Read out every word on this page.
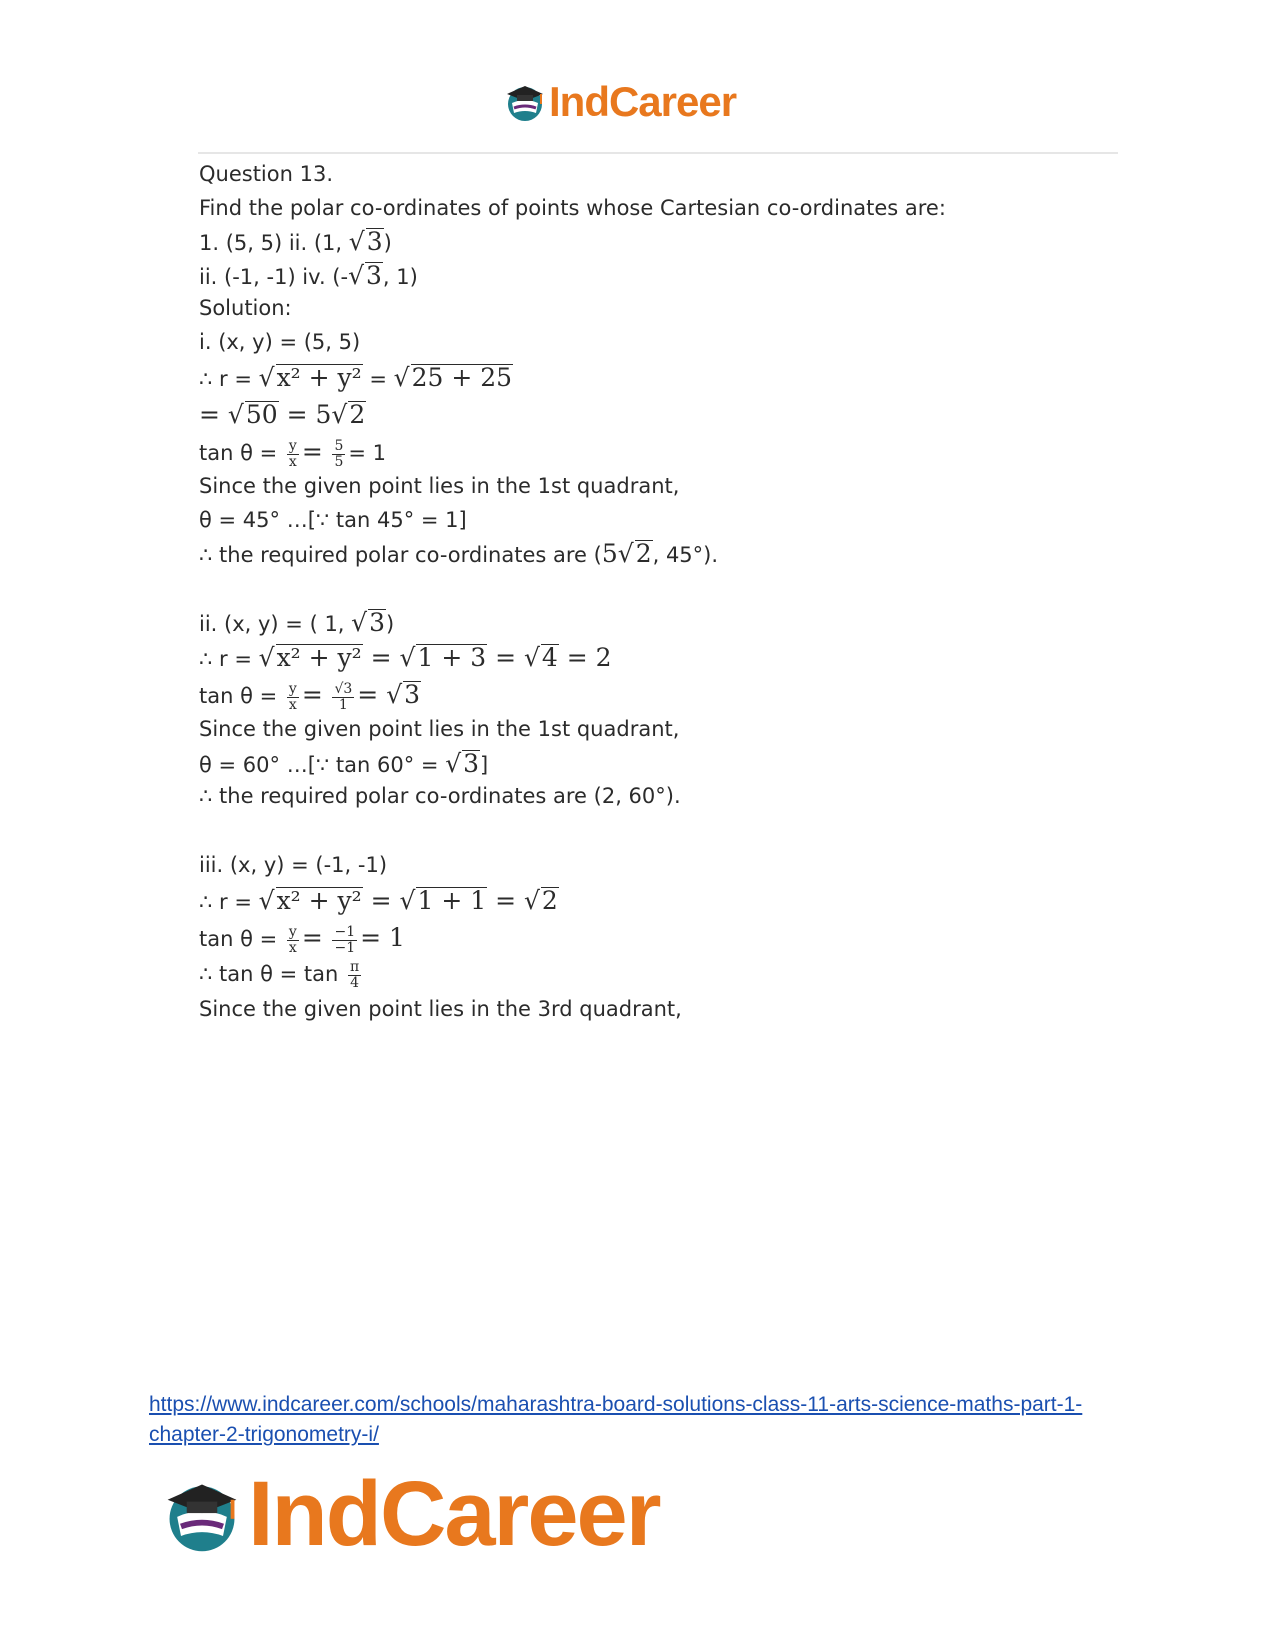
IndCareer
Question 13.
Find the polar co-ordinates of points whose Cartesian co-ordinates are:
1. (5, 5) ii. (1, √3)
ii. (-1, -1) iv. (-√3, 1)
Solution:
i. (x, y) = (5, 5)
∴ r = √x² + y² = √25 + 25
= √50 = 5√2
$\tan \theta = \frac{y}{x} = \frac{5}{5} = 1$
Since the given point lies in the 1st quadrant,
θ = 45° …[∵ tan 45° = 1]
∴ the required polar co-ordinates are (5√2, 45°).
ii. (x, y) = ( 1, √3)
∴ r = √x² + y² = √1 + 3 = √4 = 2
$\tan \theta = \frac{y}{x} = \frac{√3}{1} = √3$
Since the given point lies in the 1st quadrant,
θ = 60° …[∵ tan 60° = √3]
∴ the required polar co-ordinates are (2, 60°).
iii. (x, y) = (-1, -1)
∴ r = √x² + y² = √1 + 1 = √2
$\tan \theta = \frac{y}{x} = \frac{-1}{-1} = 1$
∴ $\tan \theta = \tan \frac{\pi}{4}$
Since the given point lies in the 3rd quadrant,
https://www.indcareer.com/schools/maharashtra-board-solutions-class-11-arts-science-maths-part-1-chapter-2-trigonometry-i/
IndCareer
